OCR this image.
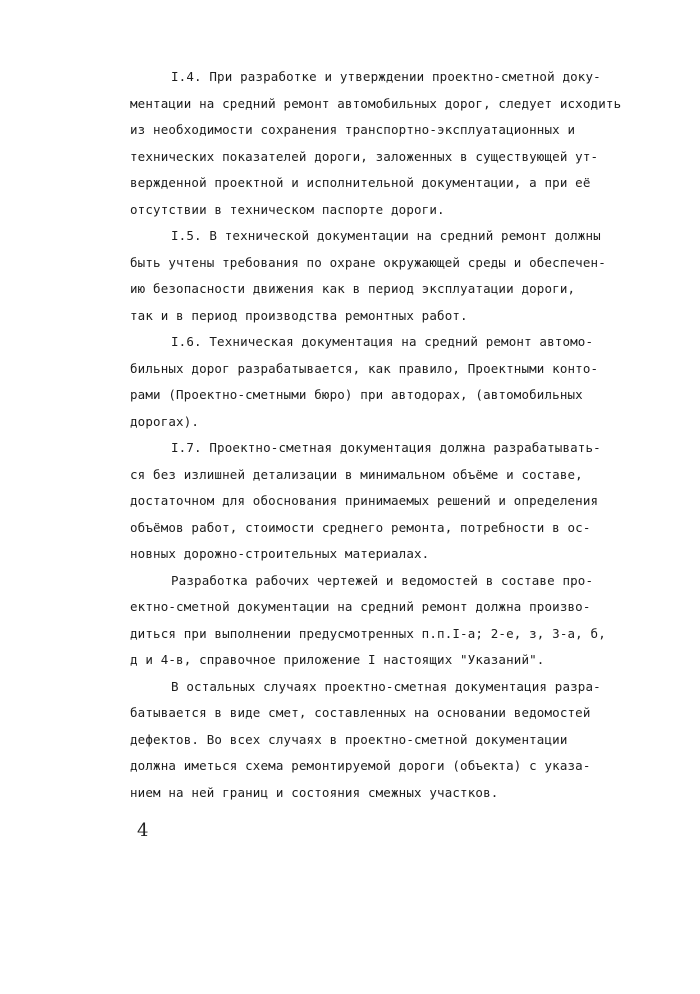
I.4. При разработке и утверждении проектно-сметной доку-
ментации на средний ремонт автомобильных дорог, следует исходить
из необходимости сохранения транспортно-эксплуатационных и
технических показателей дороги, заложенных в существующей ут-
вержденной проектной и исполнительной документации, а при её
отсутствии в техническом паспорте дороги.
I.5. В технической документации на средний ремонт должны
быть учтены требования по охране окружающей среды и обеспечен-
ию безопасности движения как в период эксплуатации дороги,
так и в период производства ремонтных работ.
I.6. Техническая документация на средний ремонт автомо-
бильных дорог разрабатывается, как правило, Проектными конто-
рами (Проектно-сметными бюро) при автодорах, (автомобильных
дорогах).
I.7. Проектно-сметная документация должна разрабатывать-
ся без излишней детализации в минимальном объёме и составе,
достаточном для обоснования принимаемых решений и определения
объёмов работ, стоимости среднего ремонта, потребности в ос-
новных дорожно-строительных материалах.
Разработка рабочих чертежей и ведомостей в составе про-
ектно-сметной документации на средний ремонт должна произво-
диться при выполнении предусмотренных п.п.I-а; 2-е, з, 3-а, б,
д и 4-в, справочное приложение I настоящих "Указаний".
В остальных случаях проектно-сметная документация разра-
батывается в виде смет, составленных на основании ведомостей
дефектов. Во всех случаях в проектно-сметной документации
должна иметься схема ремонтируемой дороги (объекта) с указа-
нием на ней границ и состояния смежных участков.
4
